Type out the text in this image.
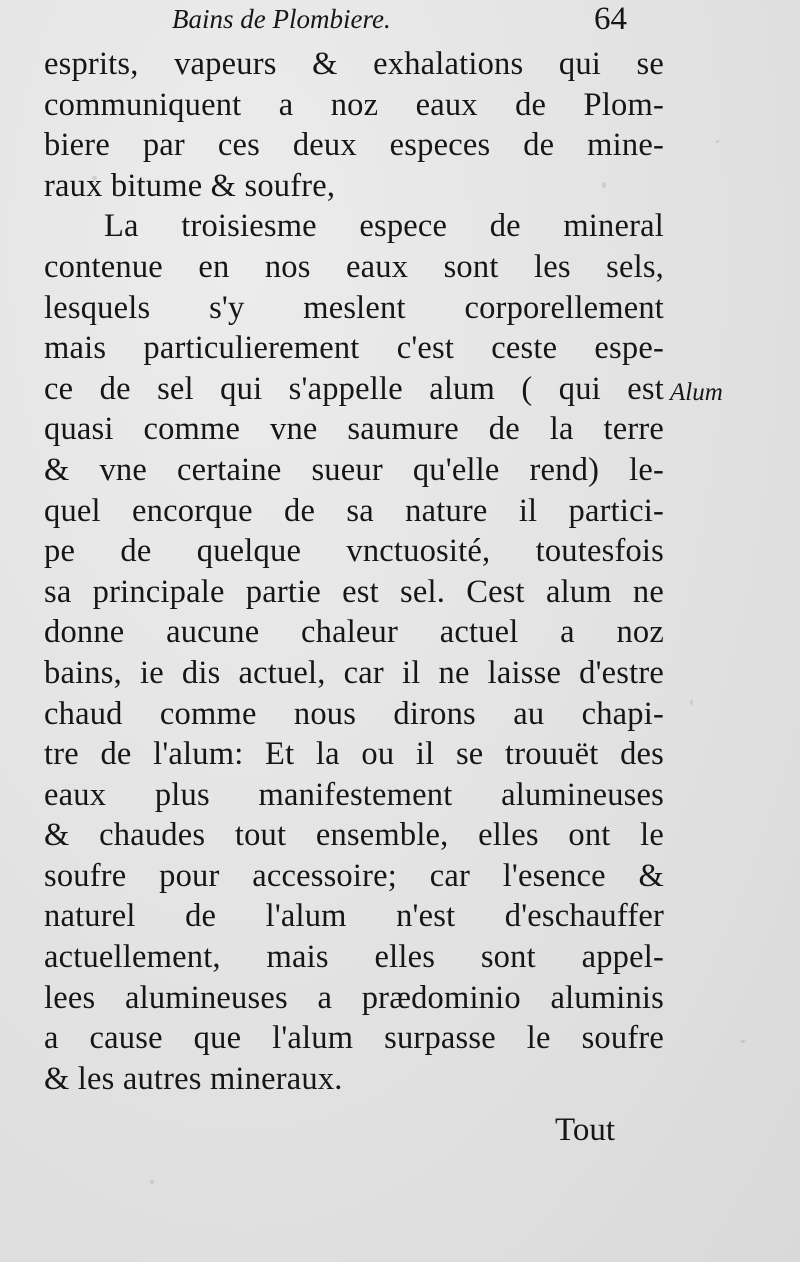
Bains de Plombiere.	64
esprits, vapeurs & exhalations qui se
communiquent a noz eaux de Plom-
biere par ces deux especes de mine-
raux bitume & soufre,
La troisiesme espece de mineral
contenue en nos eaux sont les sels,
lesquels s'y meslent corporellement
mais particulierement c'est ceste espe-
ce de sel qui s'appelle alum ( qui est
quasi comme vne saumure de la terre
& vne certaine sueur qu'elle rend) le-
quel encorque de sa nature il partici-
pe de quelque vnctuosité, toutesfois
sa principale partie est sel. Cest alum ne
donne aucune chaleur actuel a noz
bains, ie dis actuel, car il ne laisse d'estre
chaud comme nous dirons au chapi-
tre de l'alum: Et la ou il se trouuët des
eaux plus manifestement alumineuses
& chaudes tout ensemble, elles ont le
soufre pour accessoire; car l'esence &
naturel de l'alum n'est d'eschauffer
actuellement, mais elles sont appel-
lees alumineuses a prædominio aluminis
a cause que l'alum surpasse le soufre
& les autres mineraux.
Alum
Tout
